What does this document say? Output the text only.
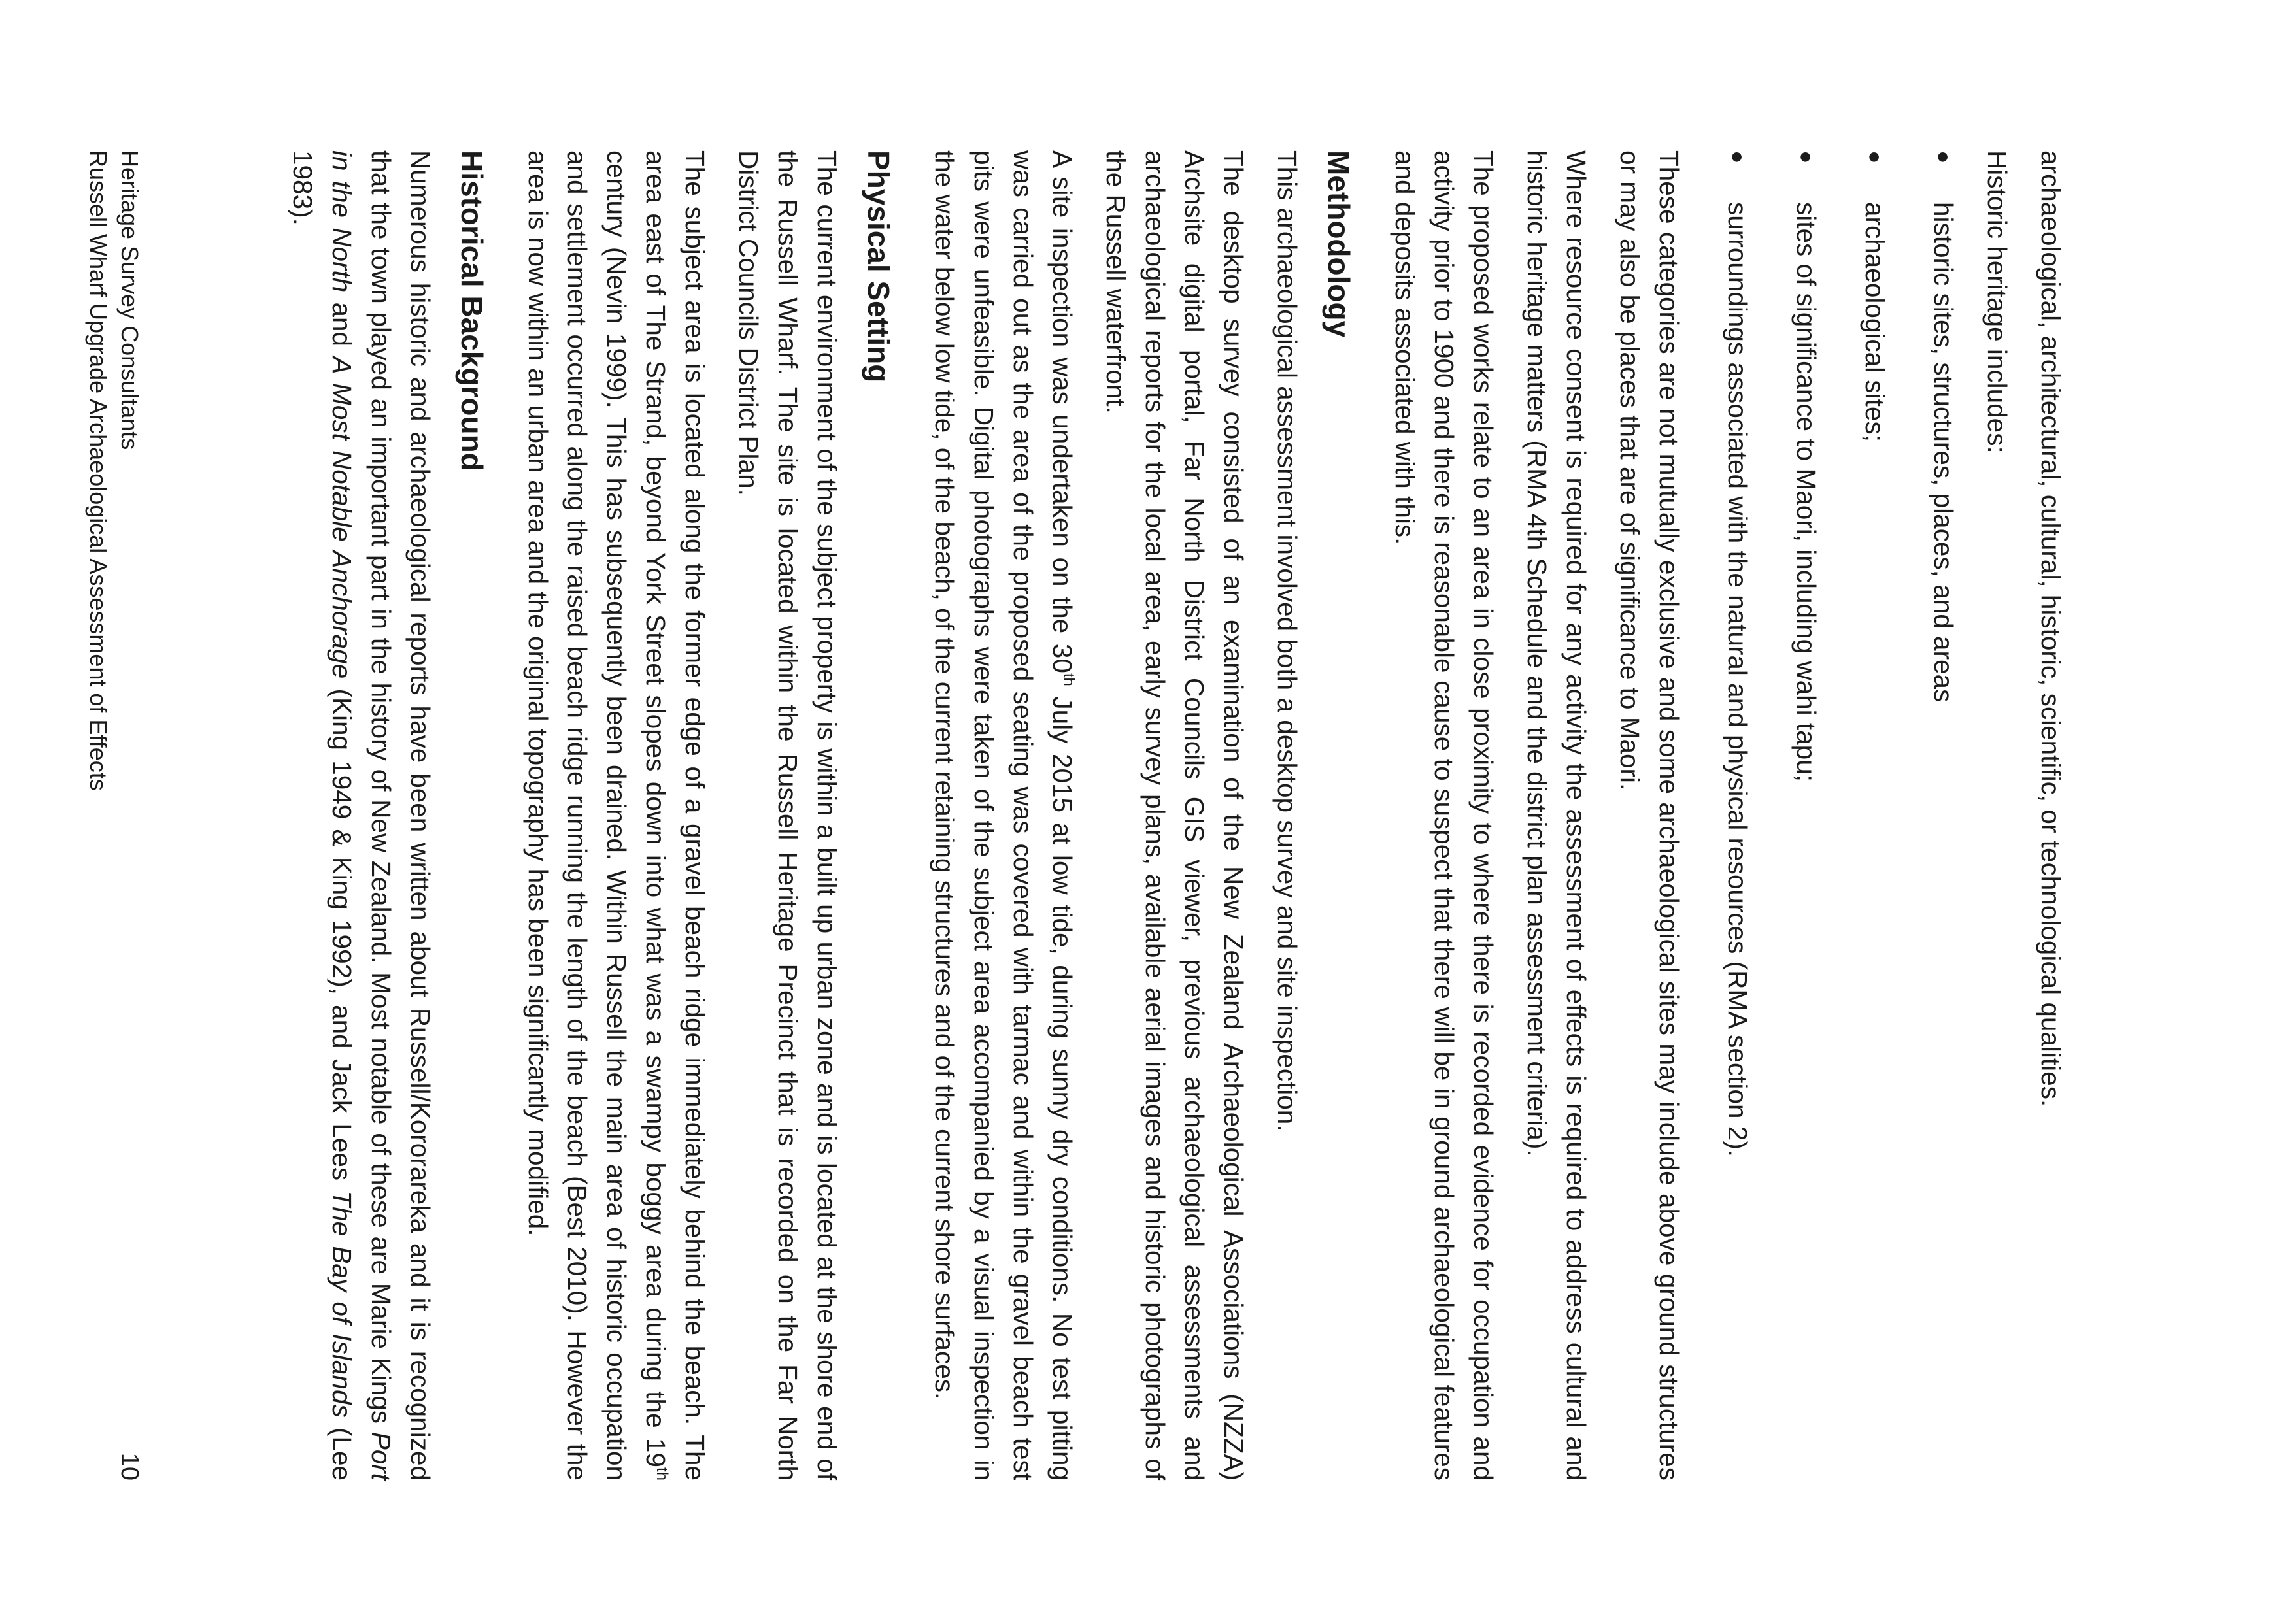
archaeological, architectural, cultural, historic, scientific, or technological qualities.

Historic heritage includes:

●
historic sites, structures, places, and areas
●
archaeological sites;
●
sites of significance to Maori, including wahi tapu;
●
surroundings associated with the natural and physical resources (RMA section 2).

These categories are not mutually exclusive and some archaeological sites may include above ground structures or may also be places that are of significance to Maori.

Where resource consent is required for any activity the assessment of effects is required to address cultural and historic heritage matters (RMA 4th Schedule and the district plan assessment criteria).

The proposed works relate to an area in close proximity to where there is recorded evidence for occupation and activity prior to 1900 and there is reasonable cause to suspect that there will be in ground archaeological features and deposits associated with this.

Methodology

This archaeological assessment involved both a desktop survey and site inspection.

The desktop survey consisted of an examination of the New Zealand Archaeological Associations (NZZA) Archsite digital portal, Far North District Councils GIS viewer, previous archaeological assessments and archaeological reports for the local area, early survey plans, available aerial images and historic photographs of the Russell waterfront.

A site inspection was undertaken on the 30th July 2015 at low tide, during sunny dry conditions. No test pitting was carried out as the area of the proposed seating was covered with tarmac and within the gravel beach test pits were unfeasible. Digital photographs were taken of the subject area accompanied by a visual inspection in the water below low tide, of the beach, of the current retaining structures and of the current shore surfaces.

Physical Setting

The current environment of the subject property is within a built up urban zone and is located at the shore end of the Russell Wharf. The site is located within the Russell Heritage Precinct that is recorded on the Far North District Councils District Plan.

The subject area is located along the former edge of a gravel beach ridge immediately behind the beach. The area east of The Strand, beyond York Street slopes down into what was a swampy boggy area during the 19th century (Nevin 1999). This has subsequently been drained. Within Russell the main area of historic occupation and settlement occurred along the raised beach ridge running the length of the beach (Best 2010). However the area is now within an urban area and the original topography has been significantly modified.

Historical Background

Numerous historic and archaeological reports have been written about Russell/Kororareka and it is recognized that the town played an important part in the history of New Zealand. Most notable of these are Marie Kings Port in the North and A Most Notable Anchorage (King 1949 & King 1992), and Jack Lees The Bay of Islands (Lee 1983).

Heritage Survey Consultants
Russell Wharf Upgrade Archaeological Assessment of Effects
10
